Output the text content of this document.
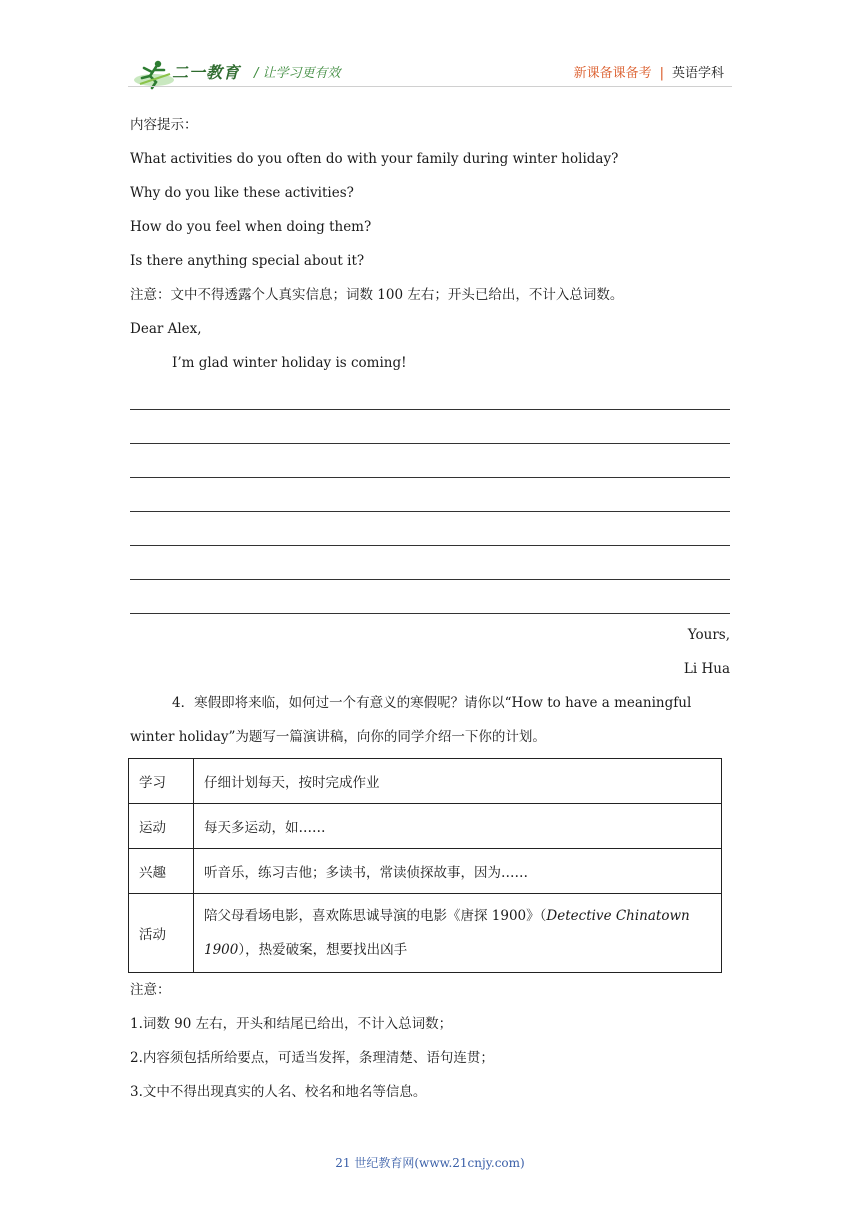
二一教育 / 让学习更有效	新课备课备考 | 英语学科
内容提示：
What activities do you often do with your family during winter holiday?
Why do you like these activities?
How do you feel when doing them?
Is there anything special about it?
注意：文中不得透露个人真实信息；词数 100 左右；开头已给出，不计入总词数。
Dear Alex,
I’m glad winter holiday is coming!
Yours,
Li Hua
4．寒假即将来临，如何过一个有意义的寒假呢？请你以“How to have a meaningful
winter holiday”为题写一篇演讲稿，向你的同学介绍一下你的计划。
学习	仔细计划每天，按时完成作业
运动	每天多运动，如……
兴趣	听音乐，练习吉他；多读书，常读侦探故事，因为……
活动	陪父母看场电影，喜欢陈思诚导演的电影《唐探 1900》（Detective Chinatown 1900），热爱破案，想要找出凶手
注意：
1.词数 90 左右，开头和结尾已给出，不计入总词数；
2.内容须包括所给要点，可适当发挥，条理清楚、语句连贯；
3.文中不得出现真实的人名、校名和地名等信息。
21 世纪教育网(www.21cnjy.com)
